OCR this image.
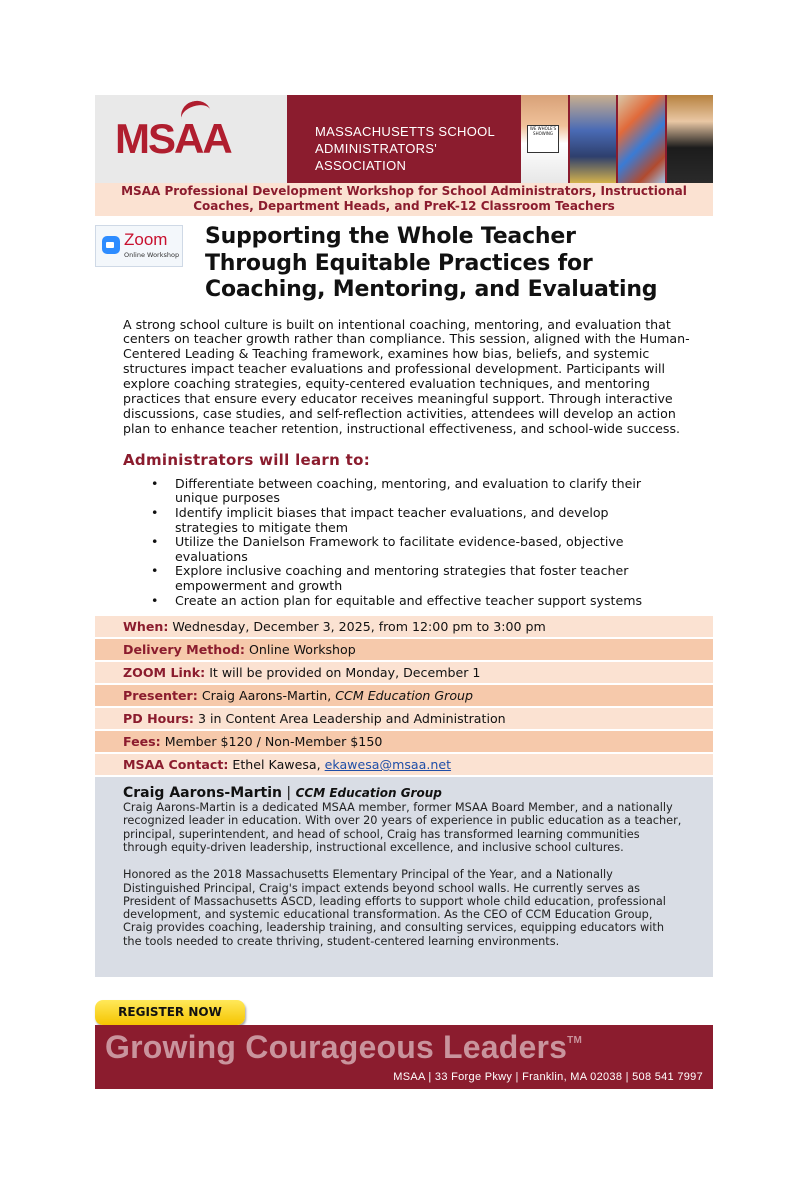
MSAA	MASSACHUSETTS SCHOOL
ADMINISTRATORS' ASSOCIATION
WE WHOLE'S SHOWING
MSAA Professional Development Workshop for School Administrators, Instructional
Coaches, Department Heads, and PreK-12 Classroom Teachers
Zoom
Online Workshop
Supporting the Whole Teacher
Through Equitable Practices for
Coaching, Mentoring, and Evaluating
A strong school culture is built on intentional coaching, mentoring, and evaluation that centers on teacher growth rather than compliance. This session, aligned with the Human-Centered Leading & Teaching framework, examines how bias, beliefs, and systemic structures impact teacher evaluations and professional development. Participants will explore coaching strategies, equity-centered evaluation techniques, and mentoring practices that ensure every educator receives meaningful support. Through interactive discussions, case studies, and self-reflection activities, attendees will develop an action plan to enhance teacher retention, instructional effectiveness, and school-wide success.
Administrators will learn to:
• Differentiate between coaching, mentoring, and evaluation to clarify their unique purposes
• Identify implicit biases that impact teacher evaluations, and develop strategies to mitigate them
• Utilize the Danielson Framework to facilitate evidence-based, objective evaluations
• Explore inclusive coaching and mentoring strategies that foster teacher empowerment and growth
• Create an action plan for equitable and effective teacher support systems
When: Wednesday, December 3, 2025, from 12:00 pm to 3:00 pm
Delivery Method: Online Workshop
ZOOM Link: It will be provided on Monday, December 1
Presenter: Craig Aarons-Martin, CCM Education Group
PD Hours: 3 in Content Area Leadership and Administration
Fees: Member $120 / Non-Member $150
MSAA Contact: Ethel Kawesa, ekawesa@msaa.net
Craig Aarons-Martin | CCM Education Group

Craig Aarons-Martin is a dedicated MSAA member, former MSAA Board Member, and a nationally recognized leader in education. With over 20 years of experience in public education as a teacher, principal, superintendent, and head of school, Craig has transformed learning communities through equity-driven leadership, instructional excellence, and inclusive school cultures.

Honored as the 2018 Massachusetts Elementary Principal of the Year, and a Nationally Distinguished Principal, Craig's impact extends beyond school walls. He currently serves as President of Massachusetts ASCD, leading efforts to support whole child education, professional development, and systemic educational transformation. As the CEO of CCM Education Group, Craig provides coaching, leadership training, and consulting services, equipping educators with the tools needed to create thriving, student-centered learning environments.

REGISTER NOW
Growing Courageous Leaders™
MSAA | 33 Forge Pkwy | Franklin, MA 02038 | 508 541 7997
